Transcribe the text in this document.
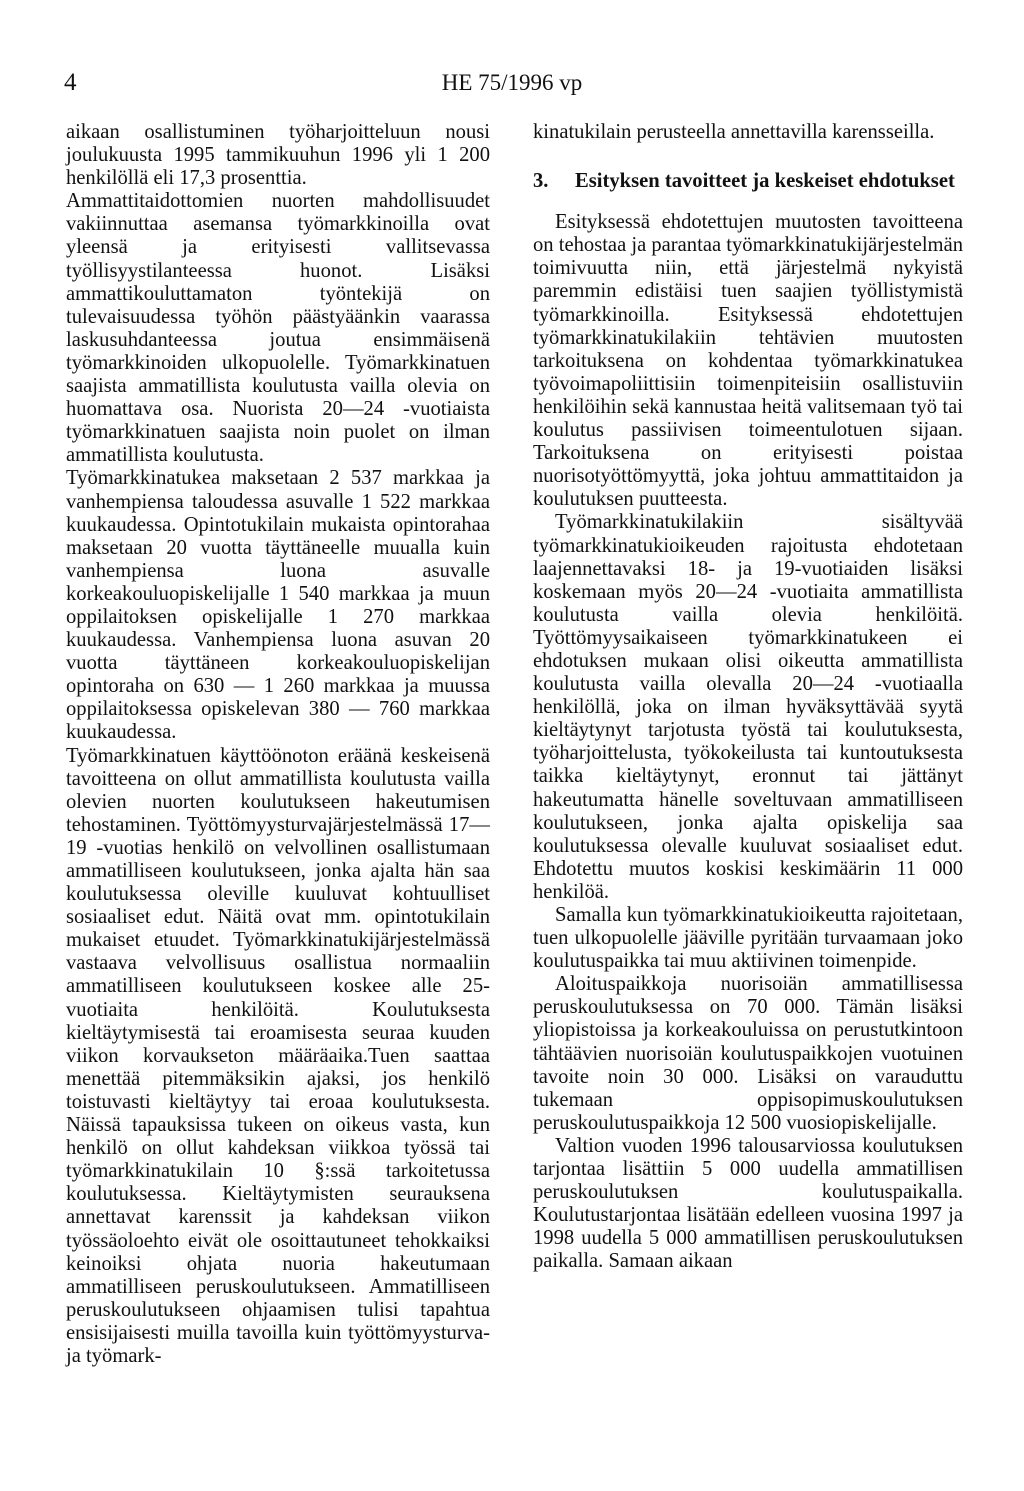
4	HE 75/1996 vp

aikaan osallistuminen työharjoitteluun nousi joulukuusta 1995 tammikuuhun 1996 yli 1 200 henkilöllä eli 17,3 prosenttia.

Ammattitaidottomien nuorten mahdollisuudet vakiinnuttaa asemansa työmarkkinoilla ovat yleensä ja erityisesti vallitsevassa työllisyystilanteessa huonot. Lisäksi ammattikouluttamaton työntekijä on tulevaisuudessa työhön päästyäänkin vaarassa laskusuhdanteessa joutua ensimmäisenä työmarkkinoiden ulkopuolelle. Työmarkkinatuen saajista ammatillista koulutusta vailla olevia on huomattava osa. Nuorista 20—24 -vuotiaista työmarkkinatuen saajista noin puolet on ilman ammatillista koulutusta.

Työmarkkinatukea maksetaan 2 537 markkaa ja vanhempiensa taloudessa asuvalle 1 522 markkaa kuukaudessa. Opintotukilain mukaista opintorahaa maksetaan 20 vuotta täyttäneelle muualla kuin vanhempiensa luona asuvalle korkeakouluopiskelijalle 1 540 markkaa ja muun oppilaitoksen opiskelijalle 1 270 markkaa kuukaudessa. Vanhempiensa luona asuvan 20 vuotta täyttäneen korkeakouluopiskelijan opintoraha on 630 — 1 260 markkaa ja muussa oppilaitoksessa opiskelevan 380 — 760 markkaa kuukaudessa.

Työmarkkinatuen käyttöönoton eräänä keskeisenä tavoitteena on ollut ammatillista koulutusta vailla olevien nuorten koulutukseen hakeutumisen tehostaminen. Työttömyysturvajärjestelmässä 17—19 -vuotias henkilö on velvollinen osallistumaan ammatilliseen koulutukseen, jonka ajalta hän saa koulutuksessa oleville kuuluvat kohtuulliset sosiaaliset edut. Näitä ovat mm. opintotukilain mukaiset etuudet. Työmarkkinatukijärjestelmässä vastaava velvollisuus osallistua normaaliin ammatilliseen koulutukseen koskee alle 25-vuotiaita henkilöitä. Koulutuksesta kieltäytymisestä tai eroamisesta seuraa kuuden viikon korvaukseton määräaika.Tuen saattaa menettää pitemmäksikin ajaksi, jos henkilö toistuvasti kieltäytyy tai eroaa koulutuksesta. Näissä tapauksissa tukeen on oikeus vasta, kun henkilö on ollut kahdeksan viikkoa työssä tai työmarkkinatukilain 10 §:ssä tarkoitetussa koulutuksessa. Kieltäytymisten seurauksena annettavat karenssit ja kahdeksan viikon työssäoloehto eivät ole osoittautuneet tehokkaiksi keinoiksi ohjata nuoria hakeutumaan ammatilliseen peruskoulutukseen. Ammatilliseen peruskoulutukseen ohjaamisen tulisi tapahtua ensisijaisesti muilla tavoilla kuin työttömyysturva- ja työmark-

kinatukilain perusteella annettavilla karensseilla.

3.	Esityksen tavoitteet ja keskeiset ehdotukset

Esityksessä ehdotettujen muutosten tavoitteena on tehostaa ja parantaa työmarkkinatukijärjestelmän toimivuutta niin, että järjestelmä nykyistä paremmin edistäisi tuen saajien työllistymistä työmarkkinoilla. Esityksessä ehdotettujen työmarkkinatukilakiin tehtävien muutosten tarkoituksena on kohdentaa työmarkkinatukea työvoimapoliittisiin toimenpiteisiin osallistuviin henkilöihin sekä kannustaa heitä valitsemaan työ tai koulutus passiivisen toimeentulotuen sijaan. Tarkoituksena on erityisesti poistaa nuorisotyöttömyyttä, joka johtuu ammattitaidon ja koulutuksen puutteesta.

Työmarkkinatukilakiin sisältyvää työmarkkinatukioikeuden rajoitusta ehdotetaan laajennettavaksi 18- ja 19-vuotiaiden lisäksi koskemaan myös 20—24 -vuotiaita ammatillista koulutusta vailla olevia henkilöitä. Työttömyysaikaiseen työmarkkinatukeen ei ehdotuksen mukaan olisi oikeutta ammatillista koulutusta vailla olevalla 20—24 -vuotiaalla henkilöllä, joka on ilman hyväksyttävää syytä kieltäytynyt tarjotusta työstä tai koulutuksesta, työharjoittelusta, työkokeilusta tai kuntoutuksesta taikka kieltäytynyt, eronnut tai jättänyt hakeutumatta hänelle soveltuvaan ammatilliseen koulutukseen, jonka ajalta opiskelija saa koulutuksessa olevalle kuuluvat sosiaaliset edut. Ehdotettu muutos koskisi keskimäärin 11 000 henkilöä.

Samalla kun työmarkkinatukioikeutta rajoitetaan, tuen ulkopuolelle jääville pyritään turvaamaan joko koulutuspaikka tai muu aktiivinen toimenpide.

Aloituspaikkoja nuorisoiän ammatillisessa peruskoulutuksessa on 70 000. Tämän lisäksi yliopistoissa ja korkeakouluissa on perustutkintoon tähtäävien nuorisoiän koulutuspaikkojen vuotuinen tavoite noin 30 000. Lisäksi on varauduttu tukemaan oppisopimuskoulutuksen peruskoulutuspaikkoja 12 500 vuosiopiskelijalle.

Valtion vuoden 1996 talousarviossa koulutuksen tarjontaa lisättiin 5 000 uudella ammatillisen peruskoulutuksen koulutuspaikalla. Koulutustarjontaa lisätään edelleen vuosina 1997 ja 1998 uudella 5 000 ammatillisen peruskoulutuksen paikalla. Samaan aikaan
